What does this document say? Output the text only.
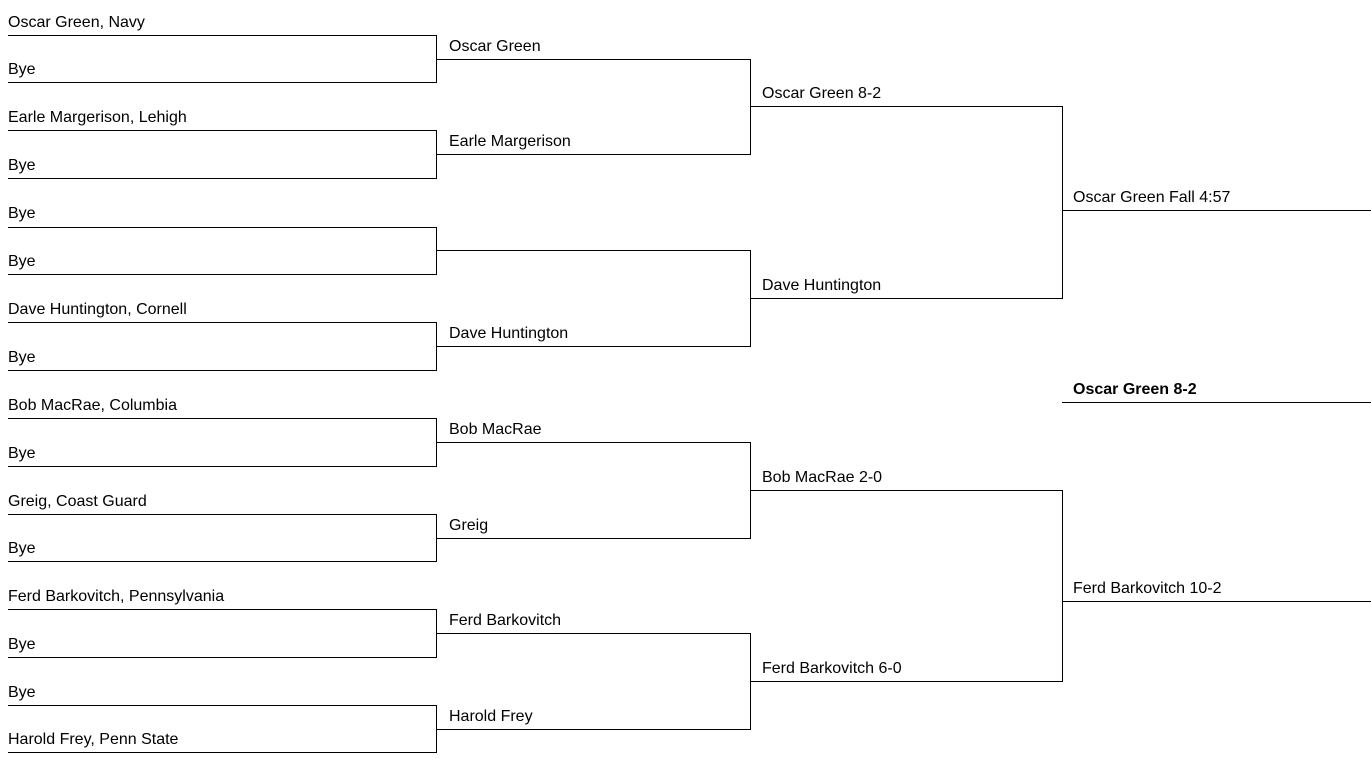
Oscar Green, Navy
Bye
Earle Margerison, Lehigh
Bye
Bye
Bye
Dave Huntington, Cornell
Bye
Bob MacRae, Columbia
Bye
Greig, Coast Guard
Bye
Ferd Barkovitch, Pennsylvania
Bye
Bye
Harold Frey, Penn State
Oscar Green
Earle Margerison
Dave Huntington
Bob MacRae
Greig
Ferd Barkovitch
Harold Frey
Oscar Green 8-2
Dave Huntington
Bob MacRae 2-0
Ferd Barkovitch 6-0
Oscar Green Fall 4:57
Ferd Barkovitch 10-2
Oscar Green 8-2
